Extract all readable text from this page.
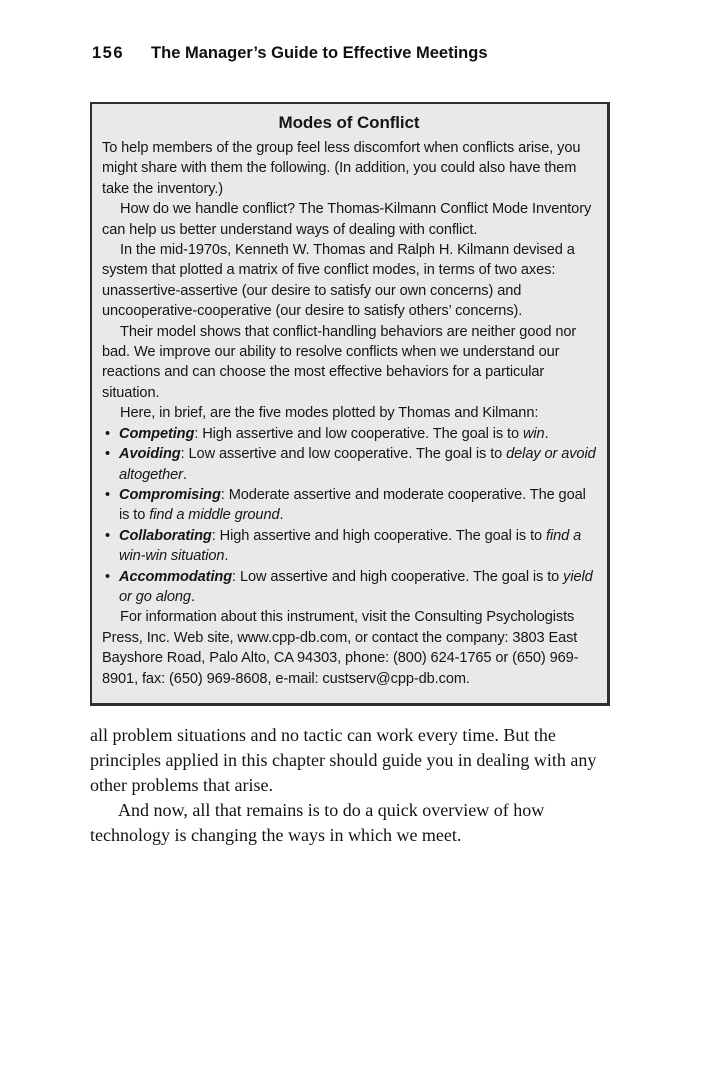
156 The Manager’s Guide to Effective Meetings
Modes of Conflict

To help members of the group feel less discomfort when conflicts arise, you might share with them the following. (In addition, you could also have them take the inventory.)

How do we handle conflict? The Thomas-Kilmann Conflict Mode Inventory can help us better understand ways of dealing with conflict.

In the mid-1970s, Kenneth W. Thomas and Ralph H. Kilmann devised a system that plotted a matrix of five conflict modes, in terms of two axes: unassertive-assertive (our desire to satisfy our own concerns) and uncooperative-cooperative (our desire to satisfy others’ concerns).

Their model shows that conflict-handling behaviors are neither good nor bad. We improve our ability to resolve conflicts when we understand our reactions and can choose the most effective behaviors for a particular situation.

Here, in brief, are the five modes plotted by Thomas and Kilmann:

• Competing: High assertive and low cooperative. The goal is to win.
• Avoiding: Low assertive and low cooperative. The goal is to delay or avoid altogether.
• Compromising: Moderate assertive and moderate cooperative. The goal is to find a middle ground.
• Collaborating: High assertive and high cooperative. The goal is to find a win-win situation.
• Accommodating: Low assertive and high cooperative. The goal is to yield or go along.

For information about this instrument, visit the Consulting Psychologists Press, Inc. Web site, www.cpp-db.com, or contact the company: 3803 East Bayshore Road, Palo Alto, CA 94303, phone: (800) 624-1765 or (650) 969-8901, fax: (650) 969-8608, e-mail: custserv@cpp-db.com.

all problem situations and no tactic can work every time. But the principles applied in this chapter should guide you in dealing with any other problems that arise.

And now, all that remains is to do a quick overview of how technology is changing the ways in which we meet.
